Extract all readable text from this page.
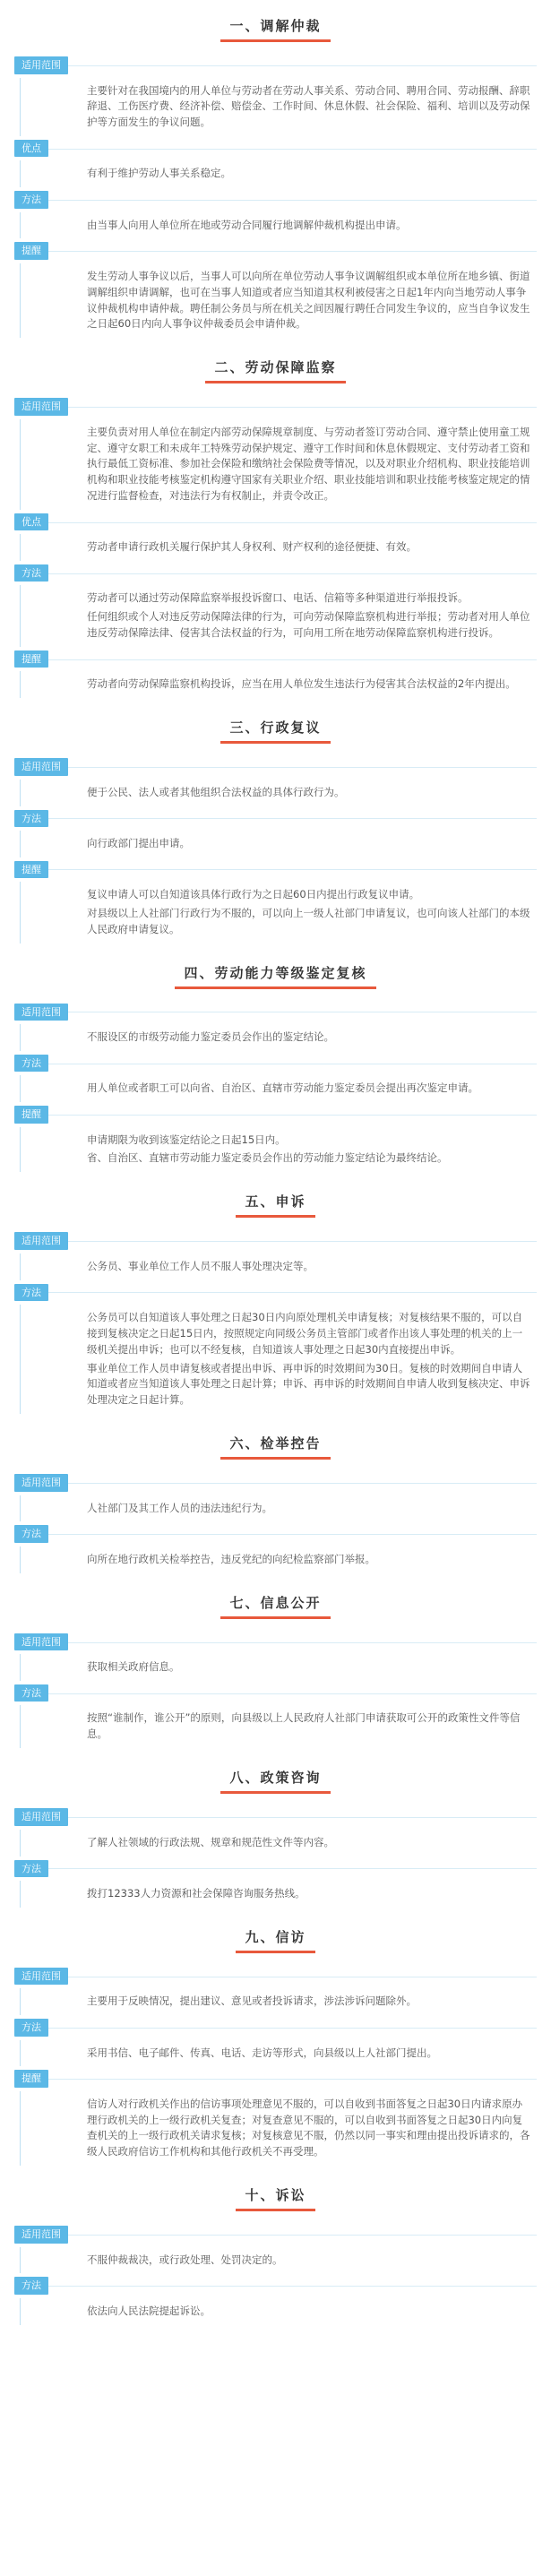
一、调解仲裁
适用范围

主要针对在我国境内的用人单位与劳动者在劳动人事关系、劳动合同、聘用合同、劳动报酬、辞职辞退、工伤医疗费、经济补偿、赔偿金、工作时间、休息休假、社会保险、福利、培训以及劳动保护等方面发生的争议问题。

优点

有利于维护劳动人事关系稳定。

方法

由当事人向用人单位所在地或劳动合同履行地调解仲裁机构提出申请。

提醒

发生劳动人事争议以后，当事人可以向所在单位劳动人事争议调解组织或本单位所在地乡镇、街道调解组织申请调解，也可在当事人知道或者应当知道其权利被侵害之日起1年内向当地劳动人事争议仲裁机构申请仲裁。聘任制公务员与所在机关之间因履行聘任合同发生争议的，应当自争议发生之日起60日内向人事争议仲裁委员会申请仲裁。

二、劳动保障监察
适用范围

主要负责对用人单位在制定内部劳动保障规章制度、与劳动者签订劳动合同、遵守禁止使用童工规定、遵守女职工和未成年工特殊劳动保护规定、遵守工作时间和休息休假规定、支付劳动者工资和执行最低工资标准、参加社会保险和缴纳社会保险费等情况，以及对职业介绍机构、职业技能培训机构和职业技能考核鉴定机构遵守国家有关职业介绍、职业技能培训和职业技能考核鉴定规定的情况进行监督检查，对违法行为有权制止，并责令改正。

优点

劳动者申请行政机关履行保护其人身权利、财产权利的途径便捷、有效。

方法

劳动者可以通过劳动保障监察举报投诉窗口、电话、信箱等多种渠道进行举报投诉。

任何组织或个人对违反劳动保障法律的行为，可向劳动保障监察机构进行举报；劳动者对用人单位违反劳动保障法律、侵害其合法权益的行为，可向用工所在地劳动保障监察机构进行投诉。

提醒

劳动者向劳动保障监察机构投诉，应当在用人单位发生违法行为侵害其合法权益的2年内提出。

三、行政复议
适用范围

便于公民、法人或者其他组织合法权益的具体行政行为。

方法

向行政部门提出申请。

提醒

复议申请人可以自知道该具体行政行为之日起60日内提出行政复议申请。

对县级以上人社部门行政行为不服的，可以向上一级人社部门申请复议，也可向该人社部门的本级人民政府申请复议。

四、劳动能力等级鉴定复核
适用范围

不服设区的市级劳动能力鉴定委员会作出的鉴定结论。

方法

用人单位或者职工可以向省、自治区、直辖市劳动能力鉴定委员会提出再次鉴定申请。

提醒

申请期限为收到该鉴定结论之日起15日内。

省、自治区、直辖市劳动能力鉴定委员会作出的劳动能力鉴定结论为最终结论。

五、申诉
适用范围

公务员、事业单位工作人员不服人事处理决定等。

方法

公务员可以自知道该人事处理之日起30日内向原处理机关申请复核；对复核结果不服的，可以自接到复核决定之日起15日内，按照规定向同级公务员主管部门或者作出该人事处理的机关的上一级机关提出申诉；也可以不经复核，自知道该人事处理之日起30内直接提出申诉。

事业单位工作人员申请复核或者提出申诉、再申诉的时效期间为30日。复核的时效期间自申请人知道或者应当知道该人事处理之日起计算；申诉、再申诉的时效期间自申请人收到复核决定、申诉处理决定之日起计算。

六、检举控告
适用范围

人社部门及其工作人员的违法违纪行为。

方法

向所在地行政机关检举控告，违反党纪的向纪检监察部门举报。

七、信息公开
适用范围

获取相关政府信息。

方法

按照“谁制作，谁公开”的原则，向县级以上人民政府人社部门申请获取可公开的政策性文件等信息。

八、政策咨询
适用范围

了解人社领域的行政法规、规章和规范性文件等内容。

方法

拨打12333人力资源和社会保障咨询服务热线。

九、信访
适用范围

主要用于反映情况，提出建议、意见或者投诉请求，涉法涉诉问题除外。

方法

采用书信、电子邮件、传真、电话、走访等形式，向县级以上人社部门提出。

提醒

信访人对行政机关作出的信访事项处理意见不服的，可以自收到书面答复之日起30日内请求原办理行政机关的上一级行政机关复查；对复查意见不服的，可以自收到书面答复之日起30日内向复查机关的上一级行政机关请求复核；对复核意见不服，仍然以同一事实和理由提出投诉请求的，各级人民政府信访工作机构和其他行政机关不再受理。

十、诉讼
适用范围

不服仲裁裁决，或行政处理、处罚决定的。

方法

依法向人民法院提起诉讼。
